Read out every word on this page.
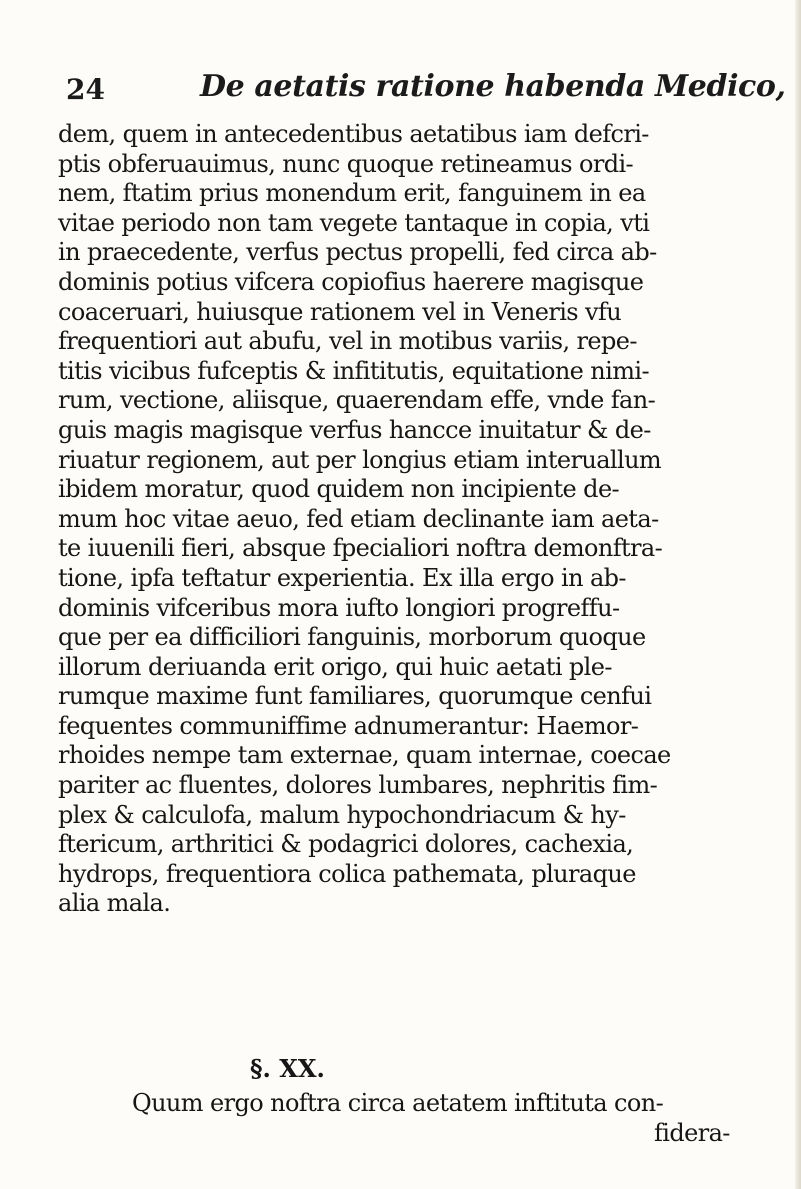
24	De aetatis ratione habenda Medico,
dem, quem in antecedentibus aetatibus iam defcri-
ptis obferuauimus, nunc quoque retineamus ordi-
nem, ftatim prius monendum erit, fanguinem in ea
vitae periodo non tam vegete tantaque in copia, vti
in praecedente, verfus pectus propelli, fed circa ab-
dominis potius vifcera copiofius haerere magisque
coaceruari, huiusque rationem vel in Veneris vfu
frequentiori aut abufu, vel in motibus variis, repe-
titis vicibus fufceptis & infititutis, equitatione nimi-
rum, vectione, aliisque, quaerendam effe, vnde fan-
guis magis magisque verfus hancce inuitatur & de-
riuatur regionem, aut per longius etiam interuallum
ibidem moratur, quod quidem non incipiente de-
mum hoc vitae aeuo, fed etiam declinante iam aeta-
te iuuenili fieri, absque fpecialiori noftra demonftra-
tione, ipfa teftatur experientia. Ex illa ergo in ab-
dominis vifceribus mora iufto longiori progreffu-
que per ea difficiliori fanguinis, morborum quoque
illorum deriuanda erit origo, qui huic aetati ple-
rumque maxime funt familiares, quorumque cenfui
fequentes communiffime adnumerantur: Haemor-
rhoides nempe tam externae, quam internae, coecae
pariter ac fluentes, dolores lumbares, nephritis fim-
plex & calculofa, malum hypochondriacum & hy-
ftericum, arthritici & podagrici dolores, cachexia,
hydrops, frequentiora colica pathemata, pluraque
alia mala.
§. XX.
Quum ergo noftra circa aetatem inftituta con-
fidera-
